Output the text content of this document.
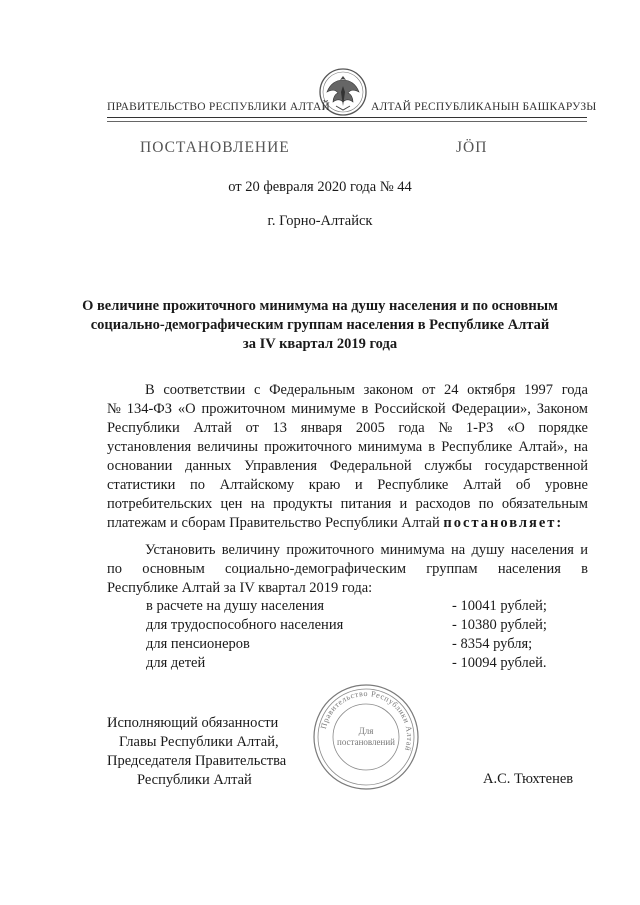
ПРАВИТЕЛЬСТВО РЕСПУБЛИКИ АЛТАЙ	АЛТАЙ РЕСПУБЛИКАНЫН БАШКАРУЗЫ
ПОСТАНОВЛЕНИЕ	ЈӦП
от 20 февраля 2020 года № 44
г. Горно-Алтайск
О величине прожиточного минимума на душу населения и по основным
социально-демографическим группам населения в Республике Алтай
за IV квартал 2019 года
В соответствии с Федеральным законом от 24 октября 1997 года
№ 134-ФЗ «О прожиточном минимуме в Российской Федерации», Законом
Республики Алтай от 13 января 2005 года № 1-РЗ «О порядке
установления величины прожиточного минимума в Республике Алтай», на
основании данных Управления Федеральной службы государственной
статистики по Алтайскому краю и Республике Алтай об уровне
потребительских цен на продукты питания и расходов по обязательным
платежам и сборам Правительство Республики Алтай постановляет:
Установить величину прожиточного минимума на душу населения и
по основным социально-демографическим группам населения в
Республике Алтай за IV квартал 2019 года:
в расчете на душу населения	- 10041 рублей;
для трудоспособного населения	- 10380 рублей;
для пенсионеров	- 8354 рубля;
для детей	- 10094 рублей.
Исполняющий обязанности
Главы Республики Алтай,
Председателя Правительства
Республики Алтай	А.С. Тюхтенев
Правительство Республики Алтай
Для
постановлений
